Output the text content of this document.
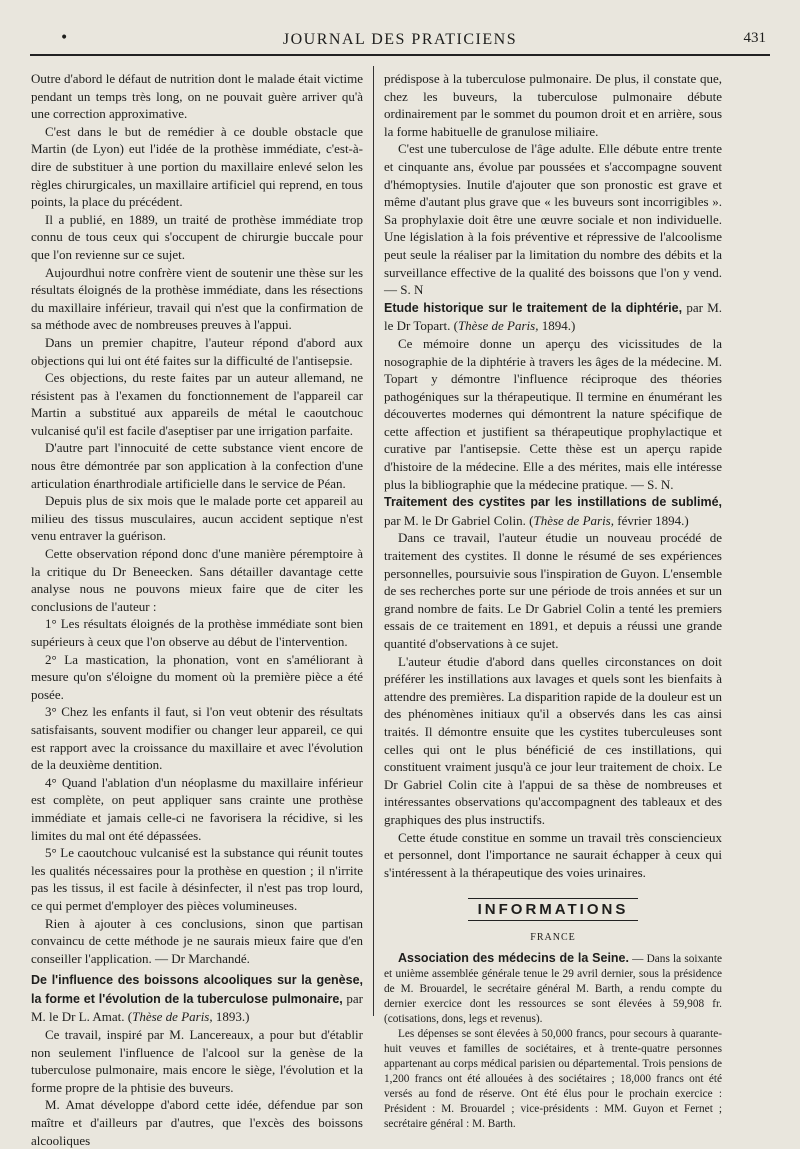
•	JOURNAL DES PRATICIENS	431

Outre d'abord le défaut de nutrition dont le malade était victime pendant un temps très long, on ne pouvait guère arriver qu'à une correction approximative.

C'est dans le but de remédier à ce double obstacle que Martin (de Lyon) eut l'idée de la prothèse immédiate, c'est-à-dire de substituer à une portion du maxillaire enlevé selon les règles chirurgicales, un maxillaire artificiel qui reprend, en tous points, la place du précédent.

Il a publié, en 1889, un traité de prothèse immédiate trop connu de tous ceux qui s'occupent de chirurgie buccale pour que l'on revienne sur ce sujet.

Aujourdhui notre confrère vient de soutenir une thèse sur les résultats éloignés de la prothèse immédiate, dans les résections du maxillaire inférieur, travail qui n'est que la confirmation de sa méthode avec de nombreuses preuves à l'appui.

Dans un premier chapitre, l'auteur répond d'abord aux objections qui lui ont été faites sur la difficulté de l'antisepsie.

Ces objections, du reste faites par un auteur allemand, ne résistent pas à l'examen du fonctionnement de l'appareil car Martin a substitué aux appareils de métal le caoutchouc vulcanisé qu'il est facile d'aseptiser par une irrigation parfaite.

D'autre part l'innocuité de cette substance vient encore de nous être démontrée par son application à la confection d'une articulation énarthrodiale artificielle dans le service de Péan.

Depuis plus de six mois que le malade porte cet appareil au milieu des tissus musculaires, aucun accident septique n'est venu entraver la guérison.

Cette observation répond donc d'une manière péremptoire à la critique du Dr Beneecken. Sans détailler davantage cette analyse nous ne pouvons mieux faire que de citer les conclusions de l'auteur :

1° Les résultats éloignés de la prothèse immédiate sont bien supérieurs à ceux que l'on observe au début de l'intervention.

2° La mastication, la phonation, vont en s'améliorant à mesure qu'on s'éloigne du moment où la première pièce a été posée.

3° Chez les enfants il faut, si l'on veut obtenir des résultats satisfaisants, souvent modifier ou changer leur appareil, ce qui est rapport avec la croissance du maxillaire et avec l'évolution de la deuxième dentition.

4° Quand l'ablation d'un néoplasme du maxillaire inférieur est complète, on peut appliquer sans crainte une prothèse immédiate et jamais celle-ci ne favorisera la récidive, si les limites du mal ont été dépassées.

5° Le caoutchouc vulcanisé est la substance qui réunit toutes les qualités nécessaires pour la prothèse en question ; il n'irrite pas les tissus, il est facile à désinfecter, il n'est pas trop lourd, ce qui permet d'employer des pièces volumineuses.

Rien à ajouter à ces conclusions, sinon que partisan convaincu de cette méthode je ne saurais mieux faire que d'en conseiller l'application. — Dr Marchandé.

De l'influence des boissons alcooliques sur la genèse, la forme et l'évolution de la tuberculose pulmonaire, par M. le Dr L. Amat. (Thèse de Paris, 1893.)

Ce travail, inspiré par M. Lancereaux, a pour but d'établir non seulement l'influence de l'alcool sur la genèse de la tuberculose pulmonaire, mais encore le siège, l'évolution et la forme propre de la phtisie des buveurs.

M. Amat développe d'abord cette idée, défendue par son maître et d'ailleurs par d'autres, que l'excès des boissons alcooliques

prédispose à la tuberculose pulmonaire. De plus, il constate que, chez les buveurs, la tuberculose pulmonaire débute ordinairement par le sommet du poumon droit et en arrière, sous la forme habituelle de granulose miliaire.

C'est une tuberculose de l'âge adulte. Elle débute entre trente et cinquante ans, évolue par poussées et s'accompagne souvent d'hémoptysies. Inutile d'ajouter que son pronostic est grave et même d'autant plus grave que « les buveurs sont incorrigibles ». Sa prophylaxie doit être une œuvre sociale et non individuelle. Une législation à la fois préventive et répressive de l'alcoolisme peut seule la réaliser par la limitation du nombre des débits et la surveillance effective de la qualité des boissons que l'on y vend. — S. N

Etude historique sur le traitement de la diphtérie, par M. le Dr Topart. (Thèse de Paris, 1894.)

Ce mémoire donne un aperçu des vicissitudes de la nosographie de la diphtérie à travers les âges de la médecine. M. Topart y démontre l'influence réciproque des théories pathogéniques sur la thérapeutique. Il termine en énumérant les découvertes modernes qui démontrent la nature spécifique de cette affection et justifient sa thérapeutique prophylactique et curative par l'antisepsie. Cette thèse est un aperçu rapide d'histoire de la médecine. Elle a des mérites, mais elle intéresse plus la bibliographie que la médecine pratique. — S. N.

Traitement des cystites par les instillations de sublimé, par M. le Dr Gabriel Colin. (Thèse de Paris, février 1894.)

Dans ce travail, l'auteur étudie un nouveau procédé de traitement des cystites. Il donne le résumé de ses expériences personnelles, poursuivie sous l'inspiration de Guyon. L'ensemble de ses recherches porte sur une période de trois années et sur un grand nombre de faits. Le Dr Gabriel Colin a tenté les premiers essais de ce traitement en 1891, et depuis a réussi une grande quantité d'observations à ce sujet.

L'auteur étudie d'abord dans quelles circonstances on doit préférer les instillations aux lavages et quels sont les bienfaits à attendre des premières. La disparition rapide de la douleur est un des phénomènes initiaux qu'il a observés dans les cas ainsi traités. Il démontre ensuite que les cystites tuberculeuses sont celles qui ont le plus bénéficié de ces instillations, qui constituent vraiment jusqu'à ce jour leur traitement de choix. Le Dr Gabriel Colin cite à l'appui de sa thèse de nombreuses et intéressantes observations qu'accompagnent des tableaux et des graphiques des plus instructifs.

Cette étude constitue en somme un travail très consciencieux et personnel, dont l'importance ne saurait échapper à ceux qui s'intéressent à la thérapeutique des voies urinaires.

INFORMATIONS
FRANCE

Association des médecins de la Seine. — Dans la soixante et unième assemblée générale tenue le 29 avril dernier, sous la présidence de M. Brouardel, le secrétaire général M. Barth, a rendu compte du dernier exercice dont les ressources se sont élevées à 59,908 fr. (cotisations, dons, legs et revenus).

Les dépenses se sont élevées à 50,000 francs, pour secours à quarante-huit veuves et familles de sociétaires, et à trente-quatre personnes appartenant au corps médical parisien ou départemental. Trois pensions de 1,200 francs ont été allouées à des sociétaires ; 18,000 francs ont été versés au fond de réserve. Ont été élus pour le prochain exercice : Président : M. Brouardel ; vice-présidents : MM. Guyon et Fernet ; secrétaire général : M. Barth.
